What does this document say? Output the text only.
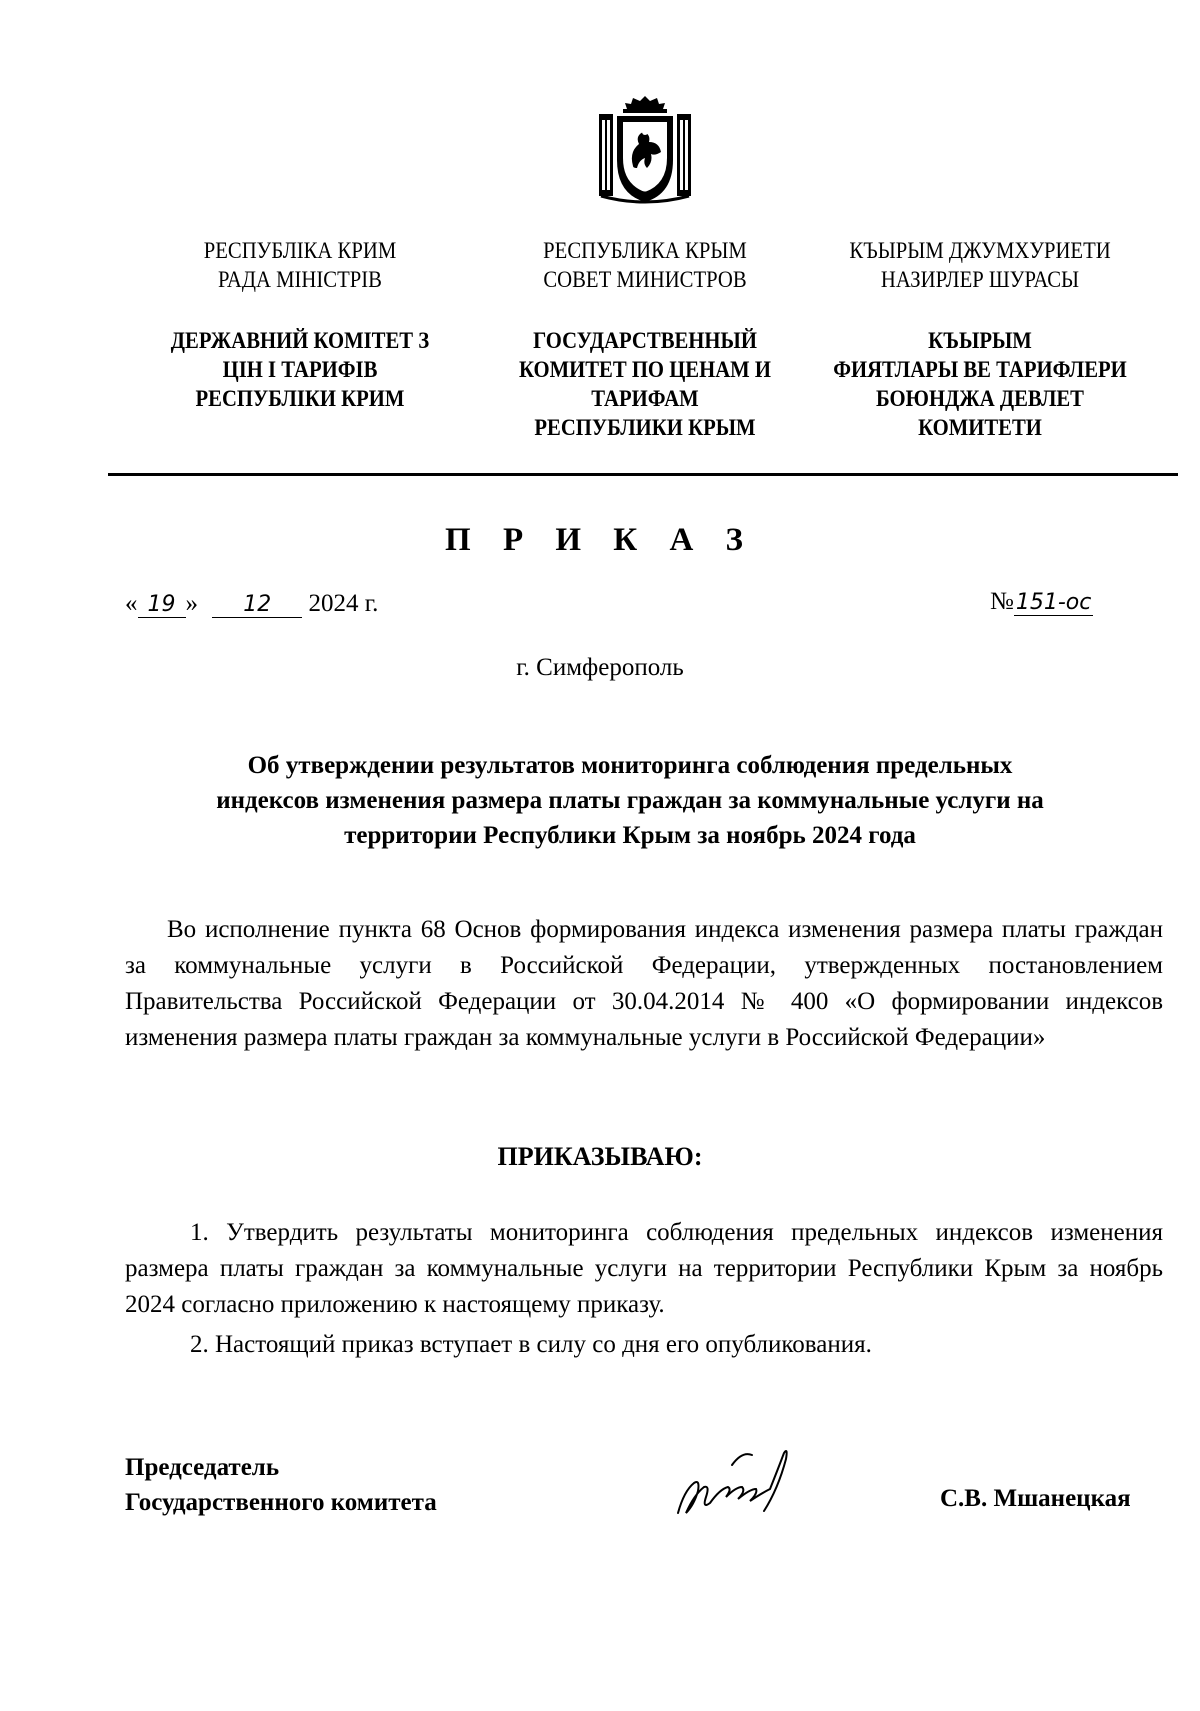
РЕСПУБЛІКА КРИМ
РАДА МІНІСТРІВ
ДЕРЖАВНИЙ КОМІТЕТ З
ЦІН І ТАРИФІВ
РЕСПУБЛІКИ КРИМ
РЕСПУБЛИКА КРЫМ
СОВЕТ МИНИСТРОВ
ГОСУДАРСТВЕННЫЙ
КОМИТЕТ ПО ЦЕНАМ И
ТАРИФАМ
РЕСПУБЛИКИ КРЫМ
КЪЫРЫМ ДЖУМХУРИЕТИ
НАЗИРЛЕР ШУРАСЫ
КЪЫРЫМ
ФИЯТЛАРЫ ВЕ ТАРИФЛЕРИ
БОЮНДЖА ДЕВЛЕТ
КОМИТЕТИ
П Р И К А З
« 19 » 12 2024 г.	№151-ос
г. Симферополь
Об утверждении результатов мониторинга соблюдения предельных
индексов изменения размера платы граждан за коммунальные услуги на
территории Республики Крым за ноябрь 2024 года
Во исполнение пункта 68 Основ формирования индекса изменения размера платы граждан за коммунальные услуги в Российской Федерации, утвержденных постановлением Правительства Российской Федерации от 30.04.2014 № 400 «О формировании индексов изменения размера платы граждан за коммунальные услуги в Российской Федерации»
ПРИКАЗЫВАЮ:
1. Утвердить результаты мониторинга соблюдения предельных индексов изменения размера платы граждан за коммунальные услуги на территории Республики Крым за ноябрь 2024 согласно приложению к настоящему приказу.
2. Настоящий приказ вступает в силу со дня его опубликования.
Председатель
Государственного комитета	С.В. Мшанецкая
